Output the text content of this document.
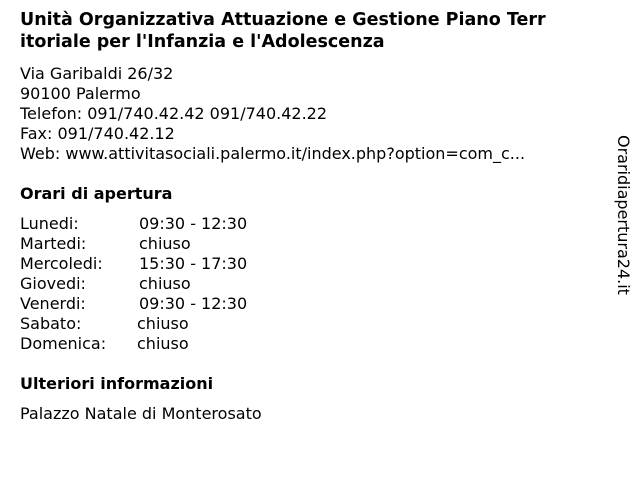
Unità Organizzativa Attuazione e Gestione Piano Terr
itoriale per l'Infanzia e l'Adolescenza
Via Garibaldi 26/32
90100 Palermo
Telefon: 091/740.42.42 091/740.42.22
Fax: 091/740.42.12
Web: www.attivitasociali.palermo.it/index.php?option=com_c...
Orari di apertura
Lunedi:	09:30 - 12:30
Martedi:	chiuso
Mercoledi: 15:30 - 17:30
Giovedi:	chiuso
Venerdi:	09:30 - 12:30
Sabato:	chiuso
Domenica: chiuso
Ulteriori informazioni
Palazzo Natale di Monterosato
Oraridiapertura24.it
